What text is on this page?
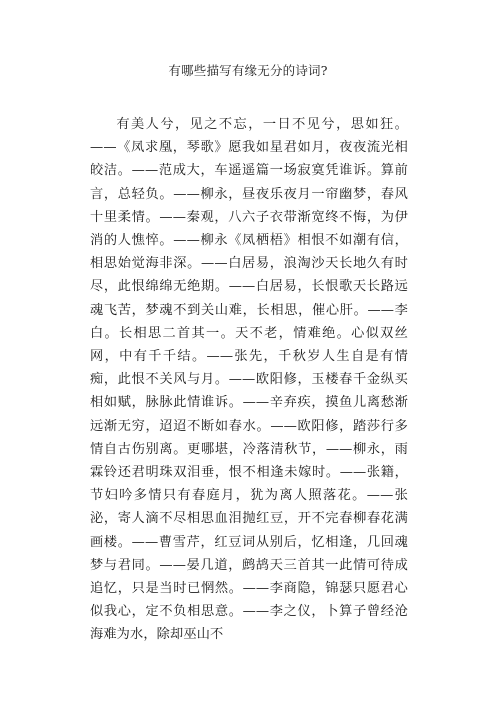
有哪些描写有缘无分的诗词?

有美人兮，见之不忘，一日不见兮，思如狂。——《凤求凰，琴歌》愿我如星君如月，夜夜流光相皎洁。——范成大，车遥遥篇一场寂寞凭谁诉。算前言，总轻负。——柳永，昼夜乐夜月一帘幽梦，春风十里柔情。——秦观，八六子衣带渐宽终不悔，为伊消的人憔悴。——柳永《凤栖梧》相恨不如潮有信，相思始觉海非深。——白居易，浪淘沙天长地久有时尽，此恨绵绵无绝期。——白居易，长恨歌天长路远魂飞苦，梦魂不到关山难，长相思，催心肝。——李白。长相思二首其一。天不老，情难绝。心似双丝网，中有千千结。——张先，千秋岁人生自是有情痴，此恨不关风与月。——欧阳修，玉楼春千金纵买相如赋，脉脉此情谁诉。——辛弃疾，摸鱼儿离愁渐远渐无穷，迢迢不断如春水。——欧阳修，踏莎行多情自古伤别离。更哪堪，冷落清秋节，——柳永，雨霖铃还君明珠双泪垂，恨不相逢未嫁时。——张籍，节妇吟多情只有春庭月，犹为离人照落花。——张泌，寄人滴不尽相思血泪抛红豆，开不完春柳春花满画楼。——曹雪芹，红豆词从别后，忆相逢，几回魂梦与君同。——晏几道，鹧鸪天三首其一此情可待成追忆，只是当时已惘然。——李商隐，锦瑟只愿君心似我心，定不负相思意。——李之仪，卜算子曾经沧海难为水，除却巫山不
